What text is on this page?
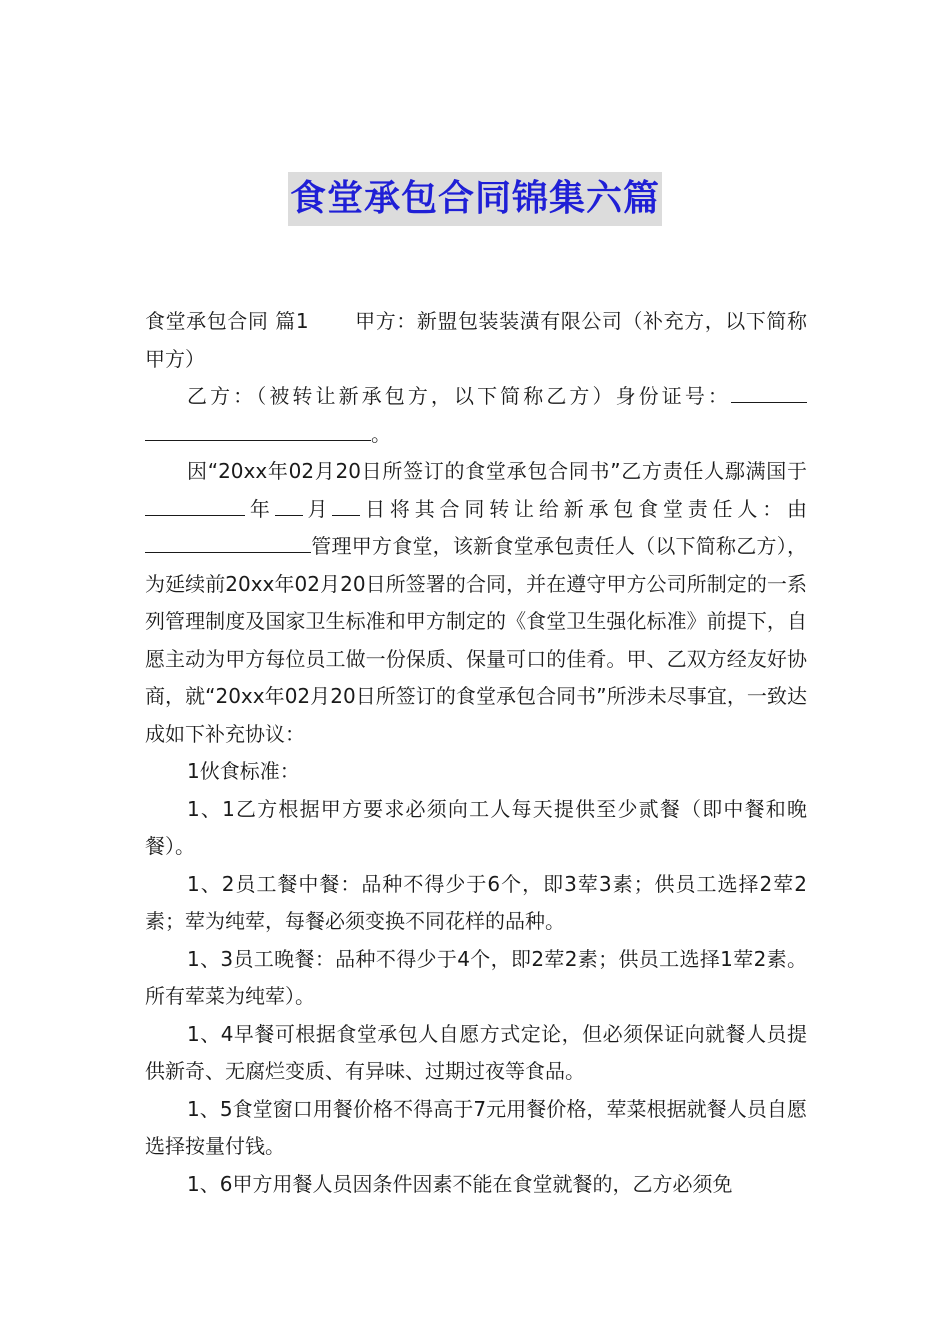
食堂承包合同锦集六篇

食堂承包合同 篇1 甲方：新盟包装装潢有限公司（补充方，以下简称甲方）

乙方：（被转让新承包方，以下简称乙方）身份证号：。

因“20xx年02月20日所签订的食堂承包合同书”乙方责任人鄢满国于年 月 日将其合同转让给新承包食堂责任人：由管理甲方食堂，该新食堂承包责任人（以下简称乙方），为延续前20xx年02月20日所签署的合同，并在遵守甲方公司所制定的一系列管理制度及国家卫生标准和甲方制定的《食堂卫生强化标准》前提下，自愿主动为甲方每位员工做一份保质、保量可口的佳肴。甲、乙双方经友好协商，就“20xx年02月20日所签订的食堂承包合同书”所涉未尽事宜，一致达成如下补充协议：

1伙食标准：

1、1乙方根据甲方要求必须向工人每天提供至少贰餐（即中餐和晚餐）。

1、2员工餐中餐：品种不得少于6个，即3荤3素；供员工选择2荤2素；荤为纯荤，每餐必须变换不同花样的品种。

1、3员工晚餐：品种不得少于4个，即2荤2素；供员工选择1荤2素。所有荤菜为纯荤）。

1、4早餐可根据食堂承包人自愿方式定论，但必须保证向就餐人员提供新奇、无腐烂变质、有异味、过期过夜等食品。

1、5食堂窗口用餐价格不得高于7元用餐价格，荤菜根据就餐人员自愿选择按量付钱。

1、6甲方用餐人员因条件因素不能在食堂就餐的，乙方必须免
